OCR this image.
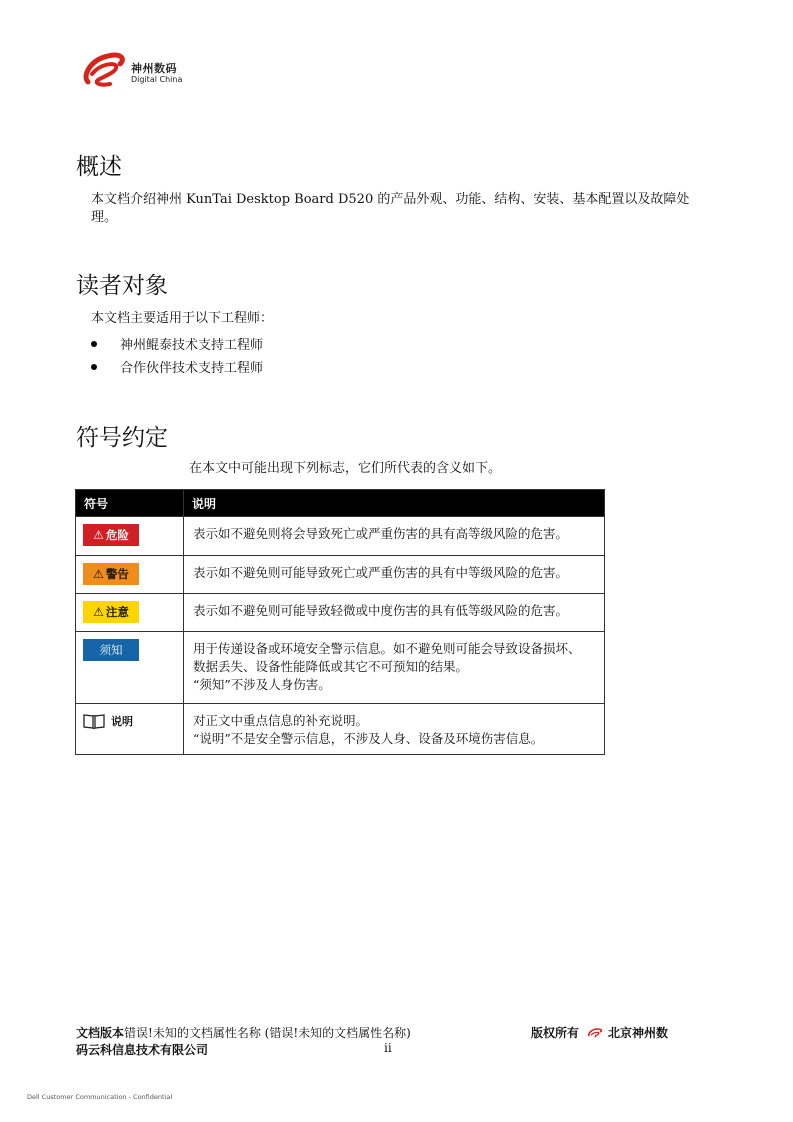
神州数码
Digital China
概述

本文档介绍神州 KunTai Desktop Board D520 的产品外观、功能、结构、安装、基本配置以及故障处

理。

读者对象

本文档主要适用于以下工程师：

神州鲲泰技术支持工程师
合作伙伴技术支持工程师
符号约定

在本文中可能出现下列标志，它们所代表的含义如下。

符号	说明

⚠ 危险	表示如不避免则将会导致死亡或严重伤害的具有高等级风险的危害。

⚠ 警告	表示如不避免则可能导致死亡或严重伤害的具有中等级风险的危害。

⚠ 注意	表示如不避免则可能导致轻微或中度伤害的具有低等级风险的危害。

须知	用于传递设备或环境安全警示信息。如不避免则可能会导致设备损坏、
数据丢失、设备性能降低或其它不可预知的结果。
“须知”不涉及人身伤害。

说明	对正文中重点信息的补充说明。
“说明”不是安全警示信息，不涉及人身、设备及环境伤害信息。
文档版本错误!未知的文档属性名称 (错误!未知的文档属性名称)	版权所有 北京神州数
码云科信息技术有限公司	ii
Dell Customer Communication - Confidential
